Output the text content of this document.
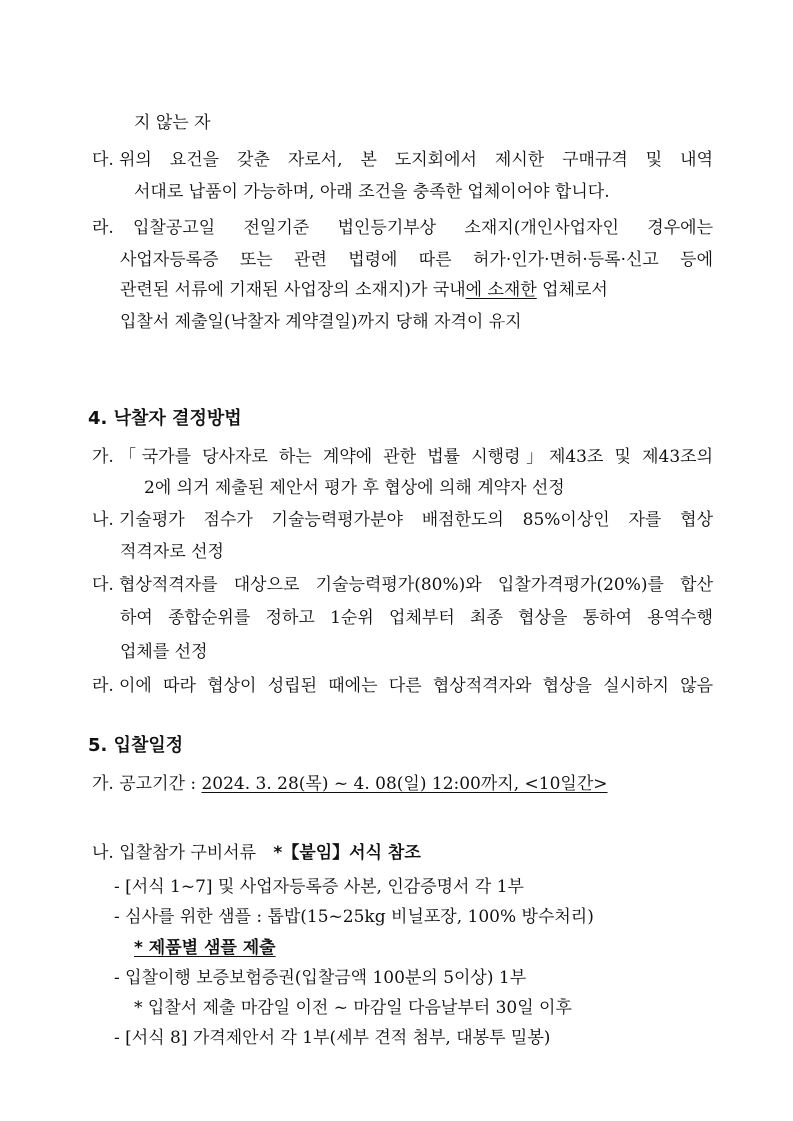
지 않는 자
다. 위의 요건을 갖춘 자로서, 본 도지회에서 제시한 구매규격 및 내역
서대로 납품이 가능하며, 아래 조건을 충족한 업체이어야 합니다.
라. 입찰공고일 전일기준 법인등기부상 소재지(개인사업자인 경우에는
사업자등록증 또는 관련 법령에 따른 허가·인가·면허·등록·신고 등에
관련된 서류에 기재된 사업장의 소재지)가 국내에 소재한 업체로서
입찰서 제출일(낙찰자 계약결일)까지 당해 자격이 유지
4. 낙찰자 결정방법
가. 「국가를 당사자로 하는 계약에 관한 법률 시행령」제43조 및 제43조의
2에 의거 제출된 제안서 평가 후 협상에 의해 계약자 선정
나. 기술평가 점수가 기술능력평가분야 배점한도의 85%이상인 자를 협상
적격자로 선정
다. 협상적격자를 대상으로 기술능력평가(80%)와 입찰가격평가(20%)를 합산
하여 종합순위를 정하고 1순위 업체부터 최종 협상을 통하여 용역수행
업체를 선정
라. 이에 따라 협상이 성립된 때에는 다른 협상적격자와 협상을 실시하지 않음
5. 입찰일정
가. 공고기간 : 2024. 3. 28(목) ~ 4. 08(일) 12:00까지, <10일간>
나. 입찰참가 구비서류 *【붙임】서식 참조
- [서식 1~7] 및 사업자등록증 사본, 인감증명서 각 1부
- 심사를 위한 샘플 : 톱밥(15~25kg 비닐포장, 100% 방수처리)
* 제품별 샘플 제출
- 입찰이행 보증보험증권(입찰금액 100분의 5이상) 1부
* 입찰서 제출 마감일 이전 ~ 마감일 다음날부터 30일 이후
- [서식 8] 가격제안서 각 1부(세부 견적 첨부, 대봉투 밀봉)
